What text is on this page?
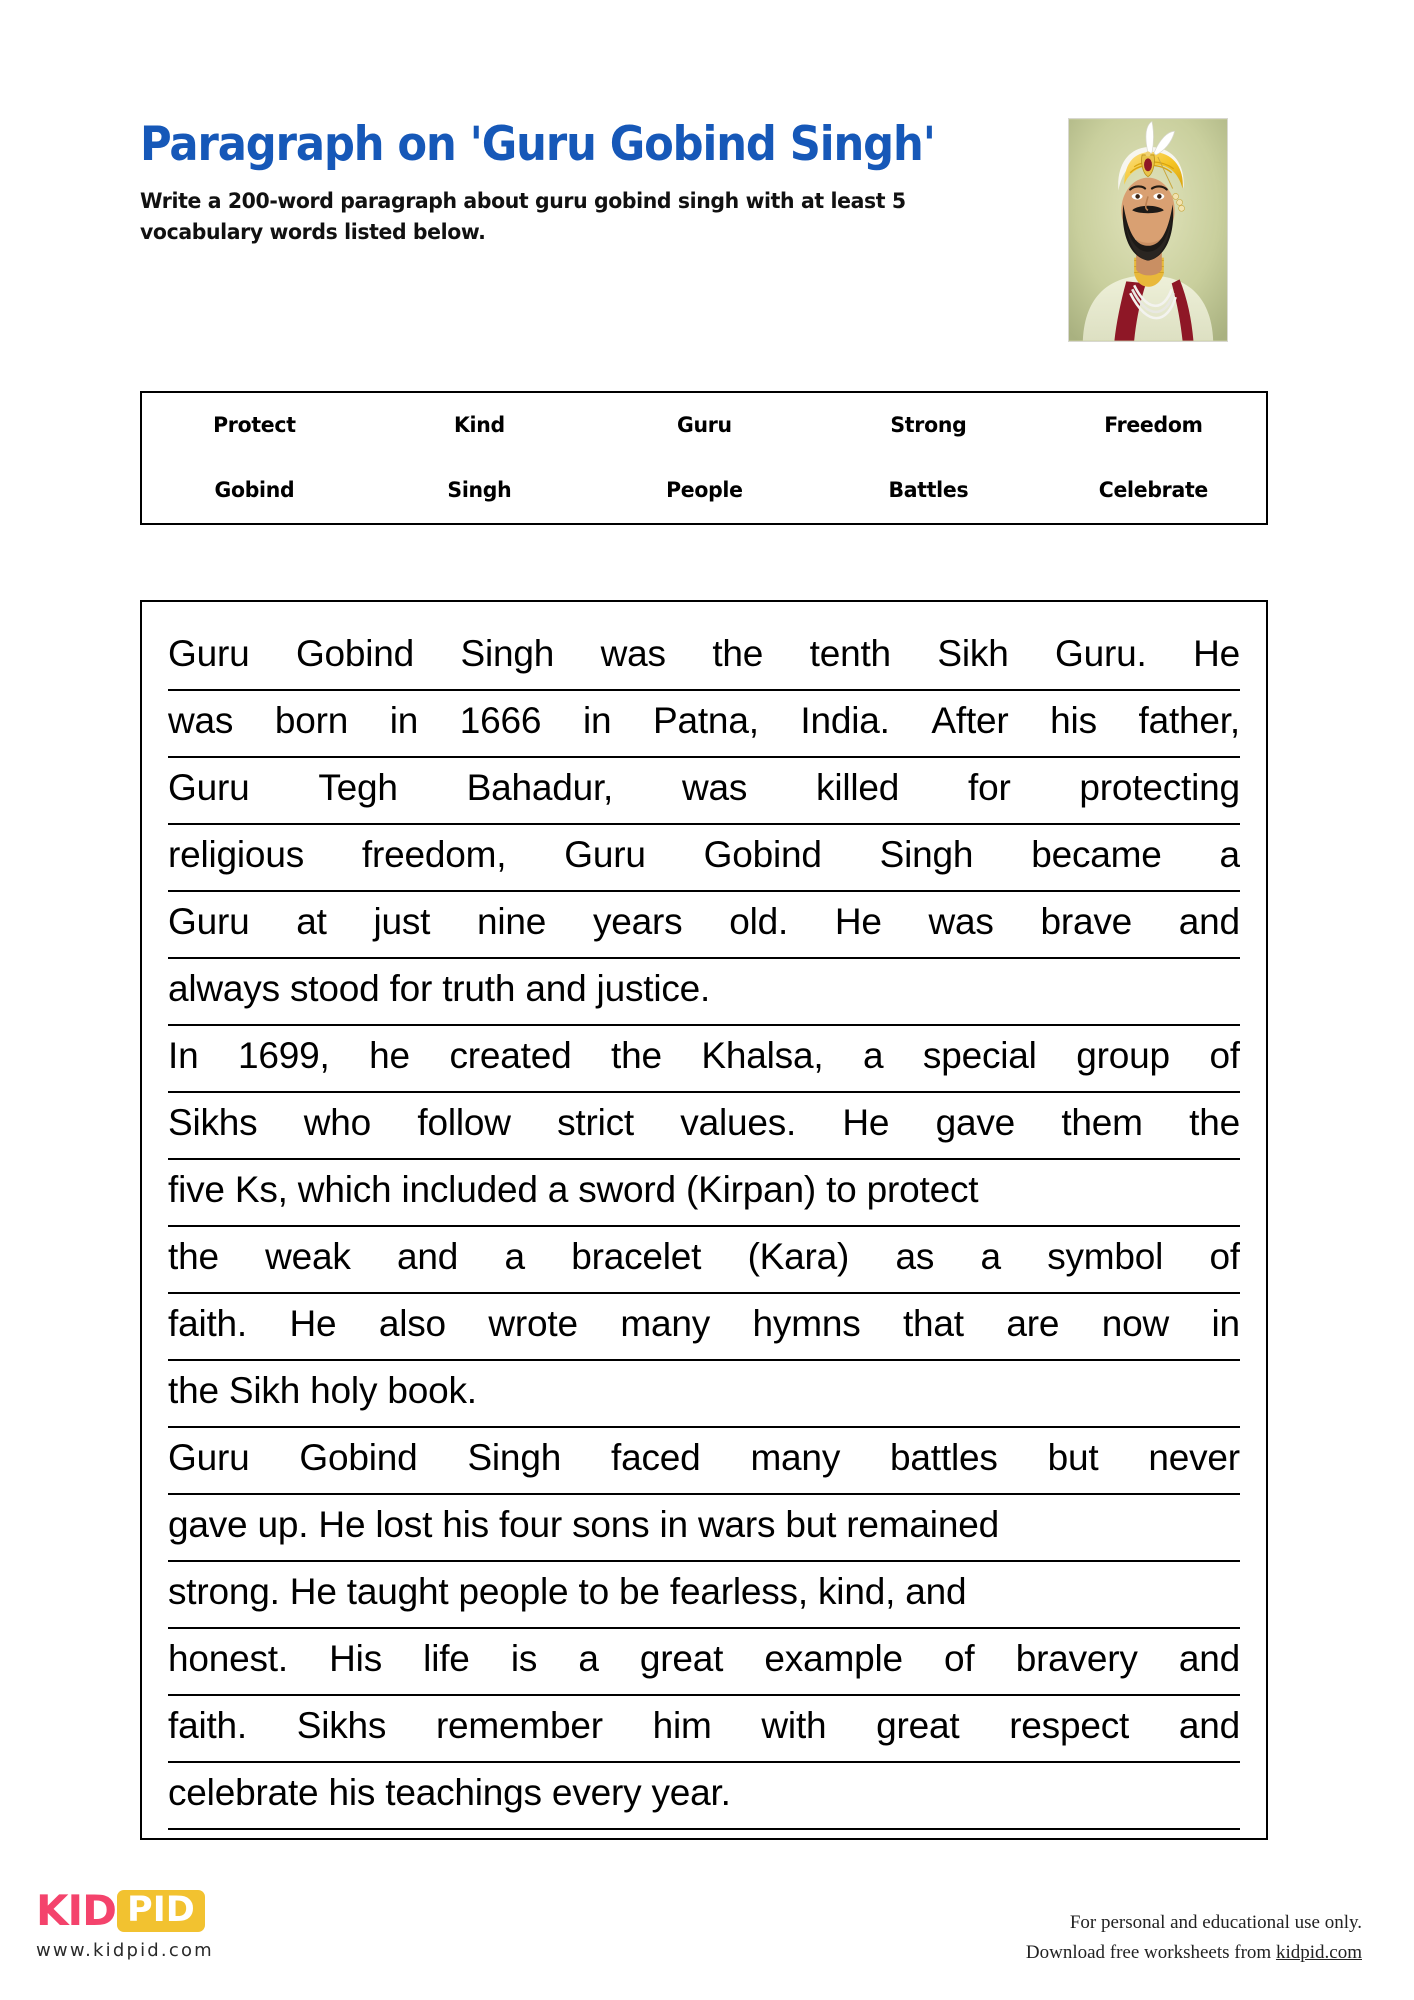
Paragraph on 'Guru Gobind Singh'
Write a 200-word paragraph about guru gobind singh with at least 5 vocabulary words listed below.
Protect	Kind	Guru	Strong	Freedom
Gobind	Singh	People	Battles	Celebrate
Guru Gobind Singh was the tenth Sikh Guru. He
was born in 1666 in Patna, India. After his father,
Guru Tegh Bahadur, was killed for protecting
religious freedom, Guru Gobind Singh became a
Guru at just nine years old. He was brave and
always stood for truth and justice.
In 1699, he created the Khalsa, a special group of
Sikhs who follow strict values. He gave them the
five Ks, which included a sword (Kirpan) to protect
the weak and a bracelet (Kara) as a symbol of
faith. He also wrote many hymns that are now in
the Sikh holy book.
Guru Gobind Singh faced many battles but never
gave up. He lost his four sons in wars but remained
strong. He taught people to be fearless, kind, and
honest. His life is a great example of bravery and
faith. Sikhs remember him with great respect and
celebrate his teachings every year.
KID PID
www.kidpid.com
For personal and educational use only.
Download free worksheets from kidpid.com
